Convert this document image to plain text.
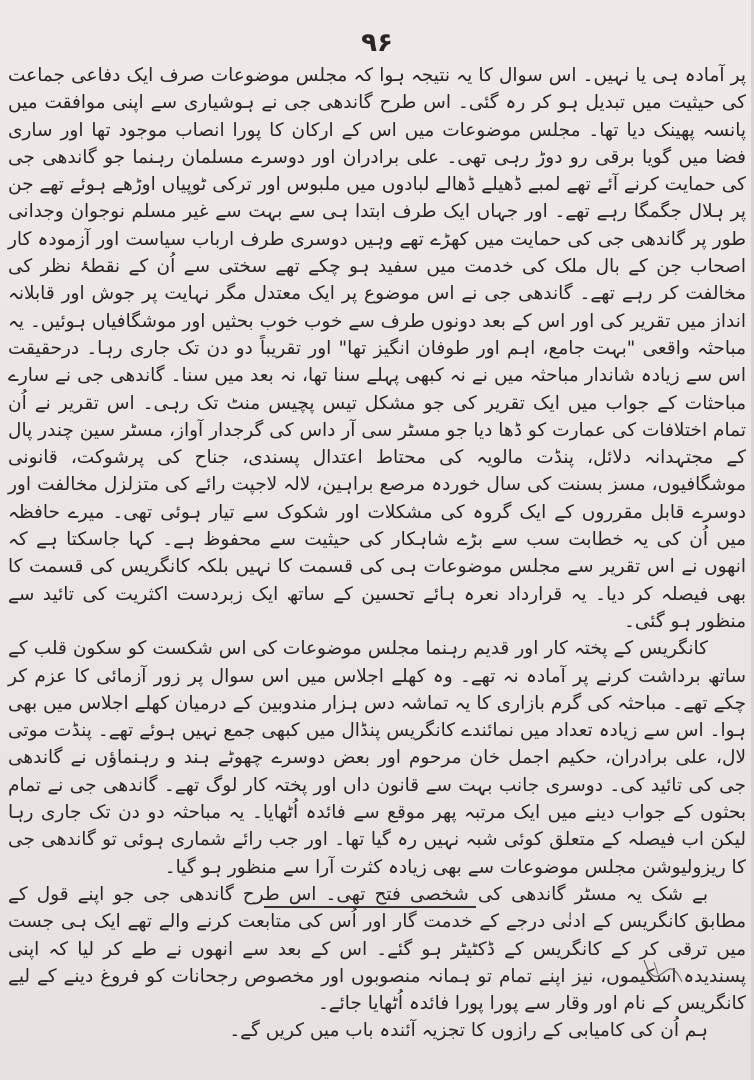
۹۶

پر آمادہ ہی یا نہیں۔ اس سوال کا یہ نتیجہ ہوا کہ مجلس موضوعات صرف ایک دفاعی جماعت کی حیثیت میں تبدیل ہو کر رہ گئی۔ اس طرح گاندھی جی نے ہوشیاری سے اپنی موافقت میں پانسہ پھینک دیا تھا۔ مجلس موضوعات میں اس کے ارکان کا پورا انصاب موجود تھا اور ساری فضا میں گویا برقی رو دوڑ رہی تھی۔ علی برادران اور دوسرے مسلمان رہنما جو گاندھی جی کی حمایت کرنے آئے تھے لمبے ڈھیلے ڈھالے لبادوں میں ملبوس اور ترکی ٹوپیاں اوڑھے ہوئے تھے جن پر ہلال جگمگا رہے تھے۔ اور جہاں ایک طرف ابتدا ہی سے بہت سے غیر مسلم نوجوان وجدانی طور پر گاندھی جی کی حمایت میں کھڑے تھے وہیں دوسری طرف ارباب سیاست اور آزمودہ کار اصحاب جن کے بال ملک کی خدمت میں سفید ہو چکے تھے سختی سے اُن کے نقطۂ نظر کی مخالفت کر رہے تھے۔ گاندھی جی نے اس موضوع پر ایک معتدل مگر نہایت پر جوش اور قابلانہ انداز میں تقریر کی اور اس کے بعد دونوں طرف سے خوب خوب بحثیں اور موشگافیاں ہوئیں۔ یہ مباحثہ واقعی "بہت جامع، اہم اور طوفان انگیز تھا" اور تقریباً دو دن تک جاری رہا۔ درحقیقت اس سے زیادہ شاندار مباحثہ میں نے نہ کبھی پہلے سنا تھا، نہ بعد میں سنا۔ گاندھی جی نے سارے مباحثات کے جواب میں ایک تقریر کی جو مشکل تیس پچیس منٹ تک رہی۔ اس تقریر نے اُن تمام اختلافات کی عمارت کو ڈھا دیا جو مسٹر سی آر داس کی گرجدار آواز، مسٹر سین چندر پال کے مجتہدانہ دلائل، پنڈت مالویہ کی محتاط اعتدال پسندی، جناح کی پرشوکت، قانونی موشگافیوں، مسز بسنت کی سال خوردہ مرصع براہین، لالہ لاجپت رائے کی متزلزل مخالفت اور دوسرے قابل مقرروں کے ایک گروہ کی مشکلات اور شکوک سے تیار ہوئی تھی۔ میرے حافظہ میں اُن کی یہ خطابت سب سے بڑے شاہکار کی حیثیت سے محفوظ ہے۔ کہا جاسکتا ہے کہ انھوں نے اس تقریر سے مجلس موضوعات ہی کی قسمت کا نہیں بلکہ کانگریس کی قسمت کا بھی فیصلہ کر دیا۔ یہ قرارداد نعرہ ہائے تحسین کے ساتھ ایک زبردست اکثریت کی تائید سے منظور ہو گئی۔

کانگریس کے پختہ کار اور قدیم رہنما مجلس موضوعات کی اس شکست کو سکون قلب کے ساتھ برداشت کرنے پر آمادہ نہ تھے۔ وہ کھلے اجلاس میں اس سوال پر زور آزمائی کا عزم کر چکے تھے۔ مباحثہ کی گرم بازاری کا یہ تماشہ دس ہزار مندوبین کے درمیان کھلے اجلاس میں بھی ہوا۔ اس سے زیادہ تعداد میں نمائندے کانگریس پنڈال میں کبھی جمع نہیں ہوئے تھے۔ پنڈت موتی لال، علی برادران، حکیم اجمل خان مرحوم اور بعض دوسرے چھوٹے ہند و رہنماؤں نے گاندھی جی کی تائید کی۔ دوسری جانب بہت سے قانون داں اور پختہ کار لوگ تھے۔ گاندھی جی نے تمام بحثوں کے جواب دینے میں ایک مرتبہ پھر موقع سے فائدہ اُٹھایا۔ یہ مباحثہ دو دن تک جاری رہا لیکن اب فیصلہ کے متعلق کوئی شبہ نہیں رہ گیا تھا۔ اور جب رائے شماری ہوئی تو گاندھی جی کا ریزولیوشن مجلس موضوعات سے بھی زیادہ کثرت آرا سے منظور ہو گیا۔

بے شک یہ مسٹر گاندھی کی شخصی فتح تھی۔ اس طرح گاندھی جی جو اپنے قول کے مطابق کانگریس کے ادنٰی درجے کے خدمت گار اور اُس کی متابعت کرنے والے تھے ایک ہی جست میں ترقی کر کے کانگریس کے ڈکٹیٹر ہو گئے۔ اس کے بعد سے انھوں نے طے کر لیا کہ اپنی پسندیدہ اسکیموں، نیز اپنے تمام تو ہمانہ منصوبوں اور مخصوص رجحانات کو فروغ دینے کے لیے کانگریس کے نام اور وقار سے پورا پورا فائدہ اُٹھایا جائے۔

ہم اُن کی کامیابی کے رازوں کا تجزیہ آئندہ باب میں کریں گے۔
